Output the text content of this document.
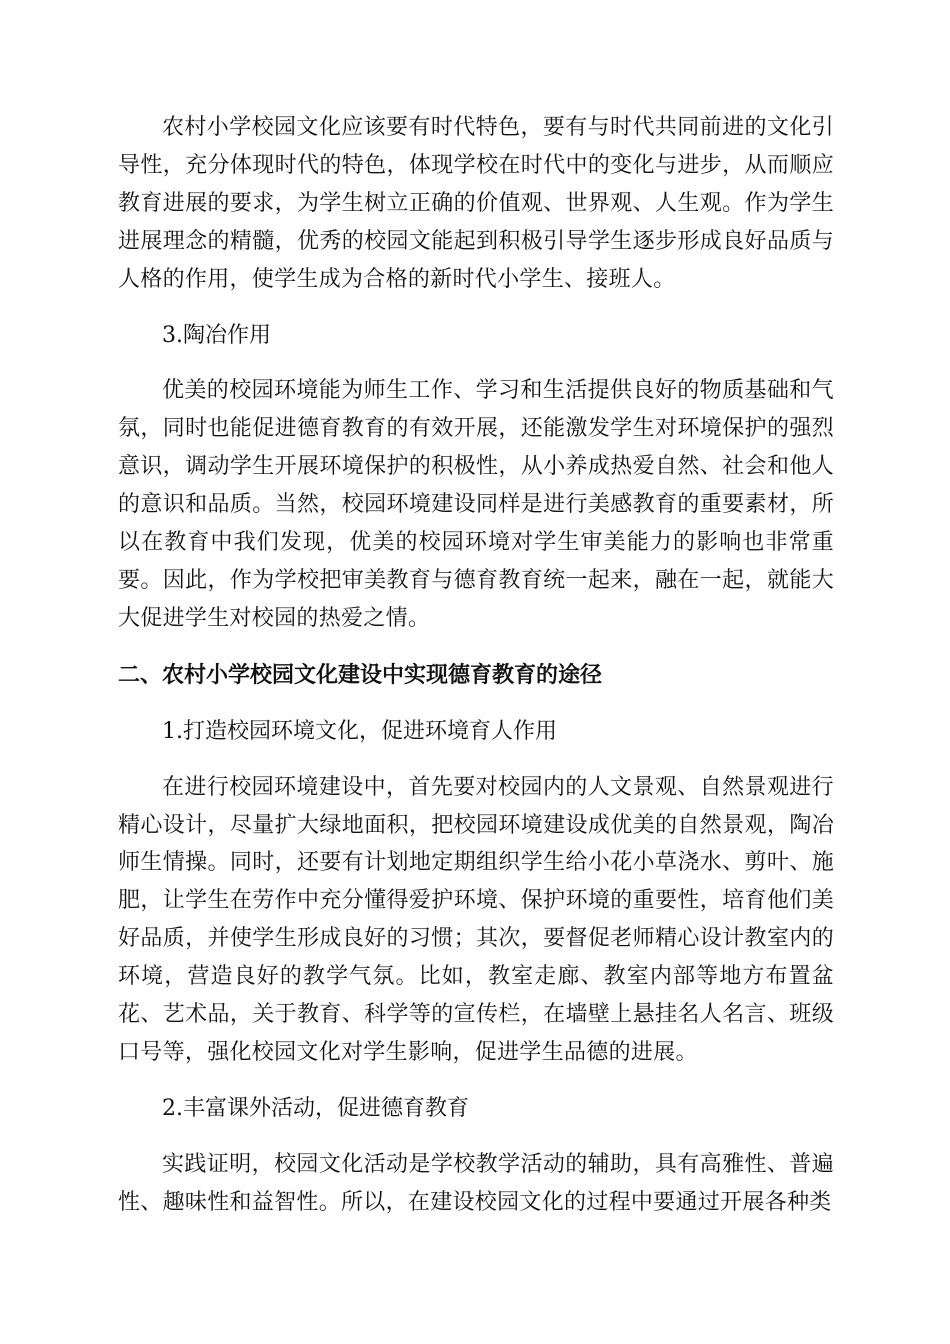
农村小学校园文化应该要有时代特色，要有与时代共同前进的文化引导性，充分体现时代的特色，体现学校在时代中的变化与进步，从而顺应教育进展的要求，为学生树立正确的价值观、世界观、人生观。作为学生进展理念的精髓，优秀的校园文能起到积极引导学生逐步形成良好品质与人格的作用，使学生成为合格的新时代小学生、接班人。

3.陶冶作用

优美的校园环境能为师生工作、学习和生活提供良好的物质基础和气氛，同时也能促进德育教育的有效开展，还能激发学生对环境保护的强烈意识，调动学生开展环境保护的积极性，从小养成热爱自然、社会和他人的意识和品质。当然，校园环境建设同样是进行美感教育的重要素材，所以在教育中我们发现，优美的校园环境对学生审美能力的影响也非常重要。因此，作为学校把审美教育与德育教育统一起来，融在一起，就能大大促进学生对校园的热爱之情。

二、农村小学校园文化建设中实现德育教育的途径

1.打造校园环境文化，促进环境育人作用

在进行校园环境建设中，首先要对校园内的人文景观、自然景观进行精心设计，尽量扩大绿地面积，把校园环境建设成优美的自然景观，陶冶师生情操。同时，还要有计划地定期组织学生给小花小草浇水、剪叶、施肥，让学生在劳作中充分懂得爱护环境、保护环境的重要性，培育他们美好品质，并使学生形成良好的习惯；其次，要督促老师精心设计教室内的环境，营造良好的教学气氛。比如，教室走廊、教室内部等地方布置盆花、艺术品，关于教育、科学等的宣传栏，在墙壁上悬挂名人名言、班级口号等，强化校园文化对学生影响，促进学生品德的进展。

2.丰富课外活动，促进德育教育

实践证明，校园文化活动是学校教学活动的辅助，具有高雅性、普遍性、趣味性和益智性。所以，在建设校园文化的过程中要通过开展各种类
